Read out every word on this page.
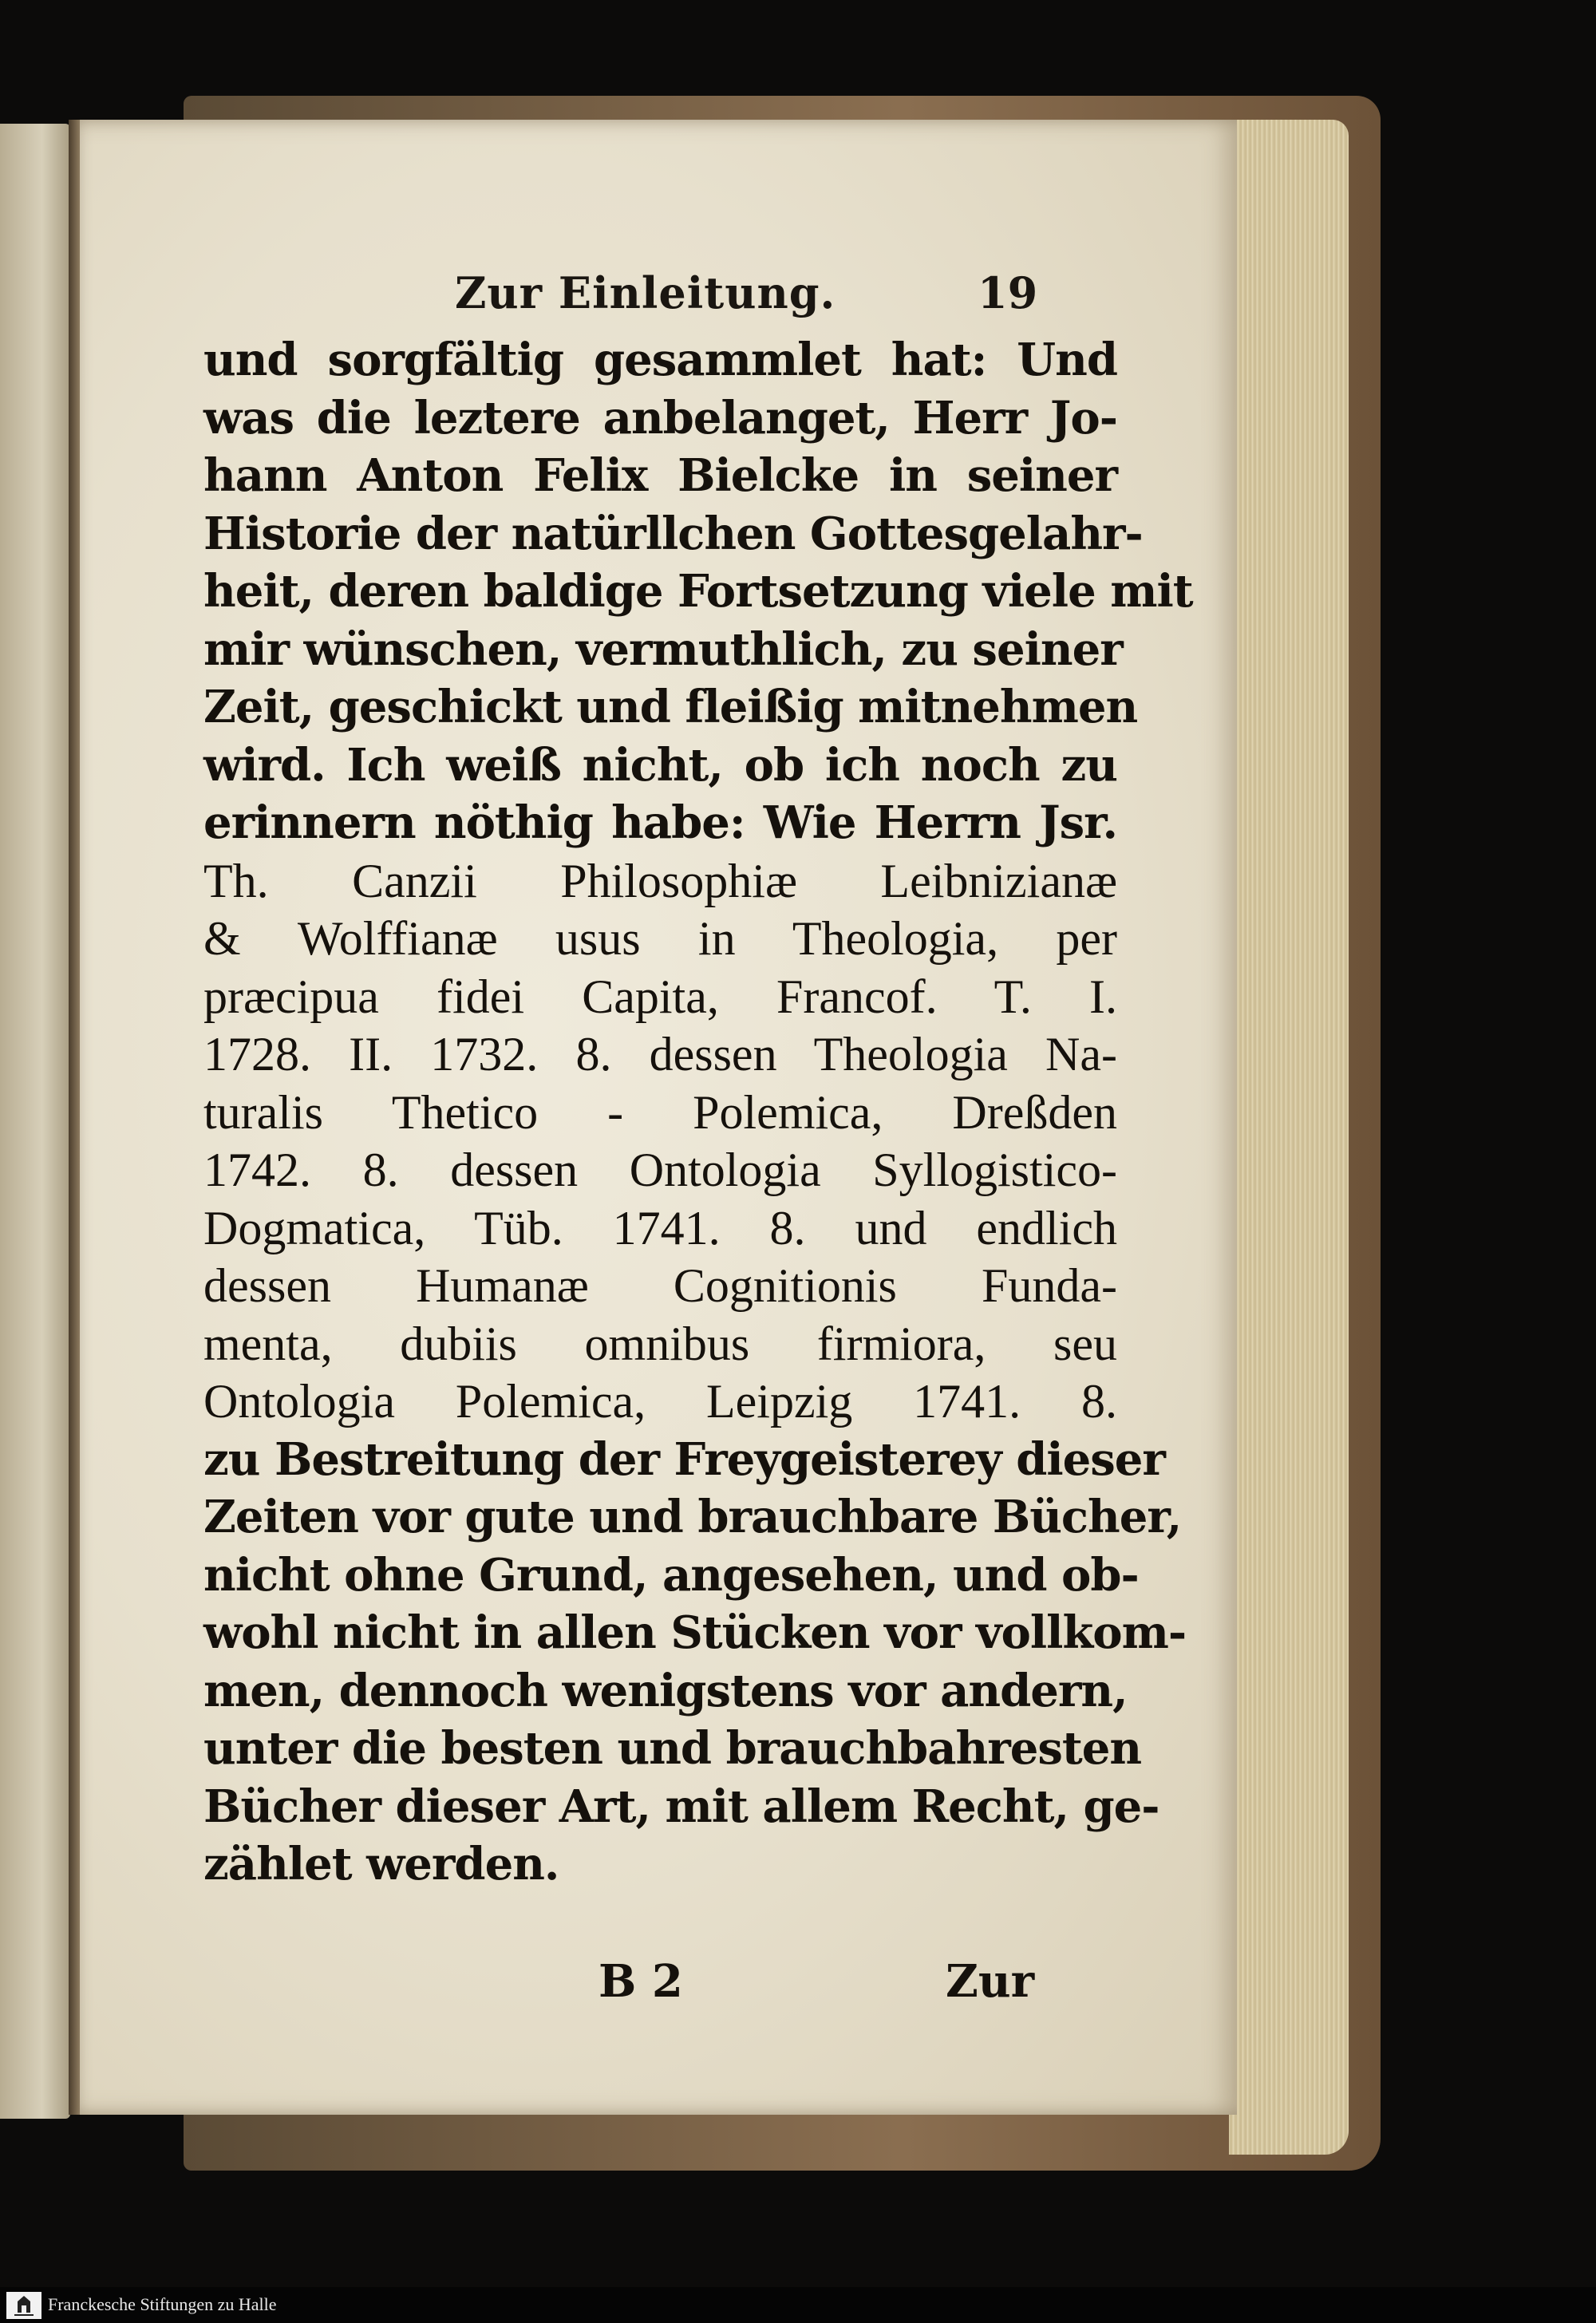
Zur Einleitung.	19
und sorgfältig gesammlet hat: Und
was die leztere anbelanget, Herr Jo-
hann Anton Felix Bielcke in seiner
Historie der natürllchen Gottesgelahr-
heit, deren baldige Fortsetzung viele mit
mir wünschen, vermuthlich, zu seiner
Zeit, geschickt und fleißig mitnehmen
wird. Ich weiß nicht, ob ich noch zu
erinnern nöthig habe: Wie Herrn Jsr.
Th. Canzii Philosophiæ Leibnizianæ
& Wolffianæ usus in Theologia, per
præcipua fidei Capita, Francof. T. I.
1728. II. 1732. 8. dessen Theologia Na-
turalis Thetico - Polemica, Dreßden
1742. 8. dessen Ontologia Syllogistico-
Dogmatica, Tüb. 1741. 8. und endlich
dessen Humanæ Cognitionis Funda-
menta, dubiis omnibus firmiora, seu
Ontologia Polemica, Leipzig 1741. 8.
zu Bestreitung der Freygeisterey dieser
Zeiten vor gute und brauchbare Bücher,
nicht ohne Grund, angesehen, und ob-
wohl nicht in allen Stücken vor vollkom-
men, dennoch wenigstens vor andern,
unter die besten und brauchbahresten
Bücher dieser Art, mit allem Recht, ge-
zählet werden.
B 2	Zur
Franckesche Stiftungen zu Halle
